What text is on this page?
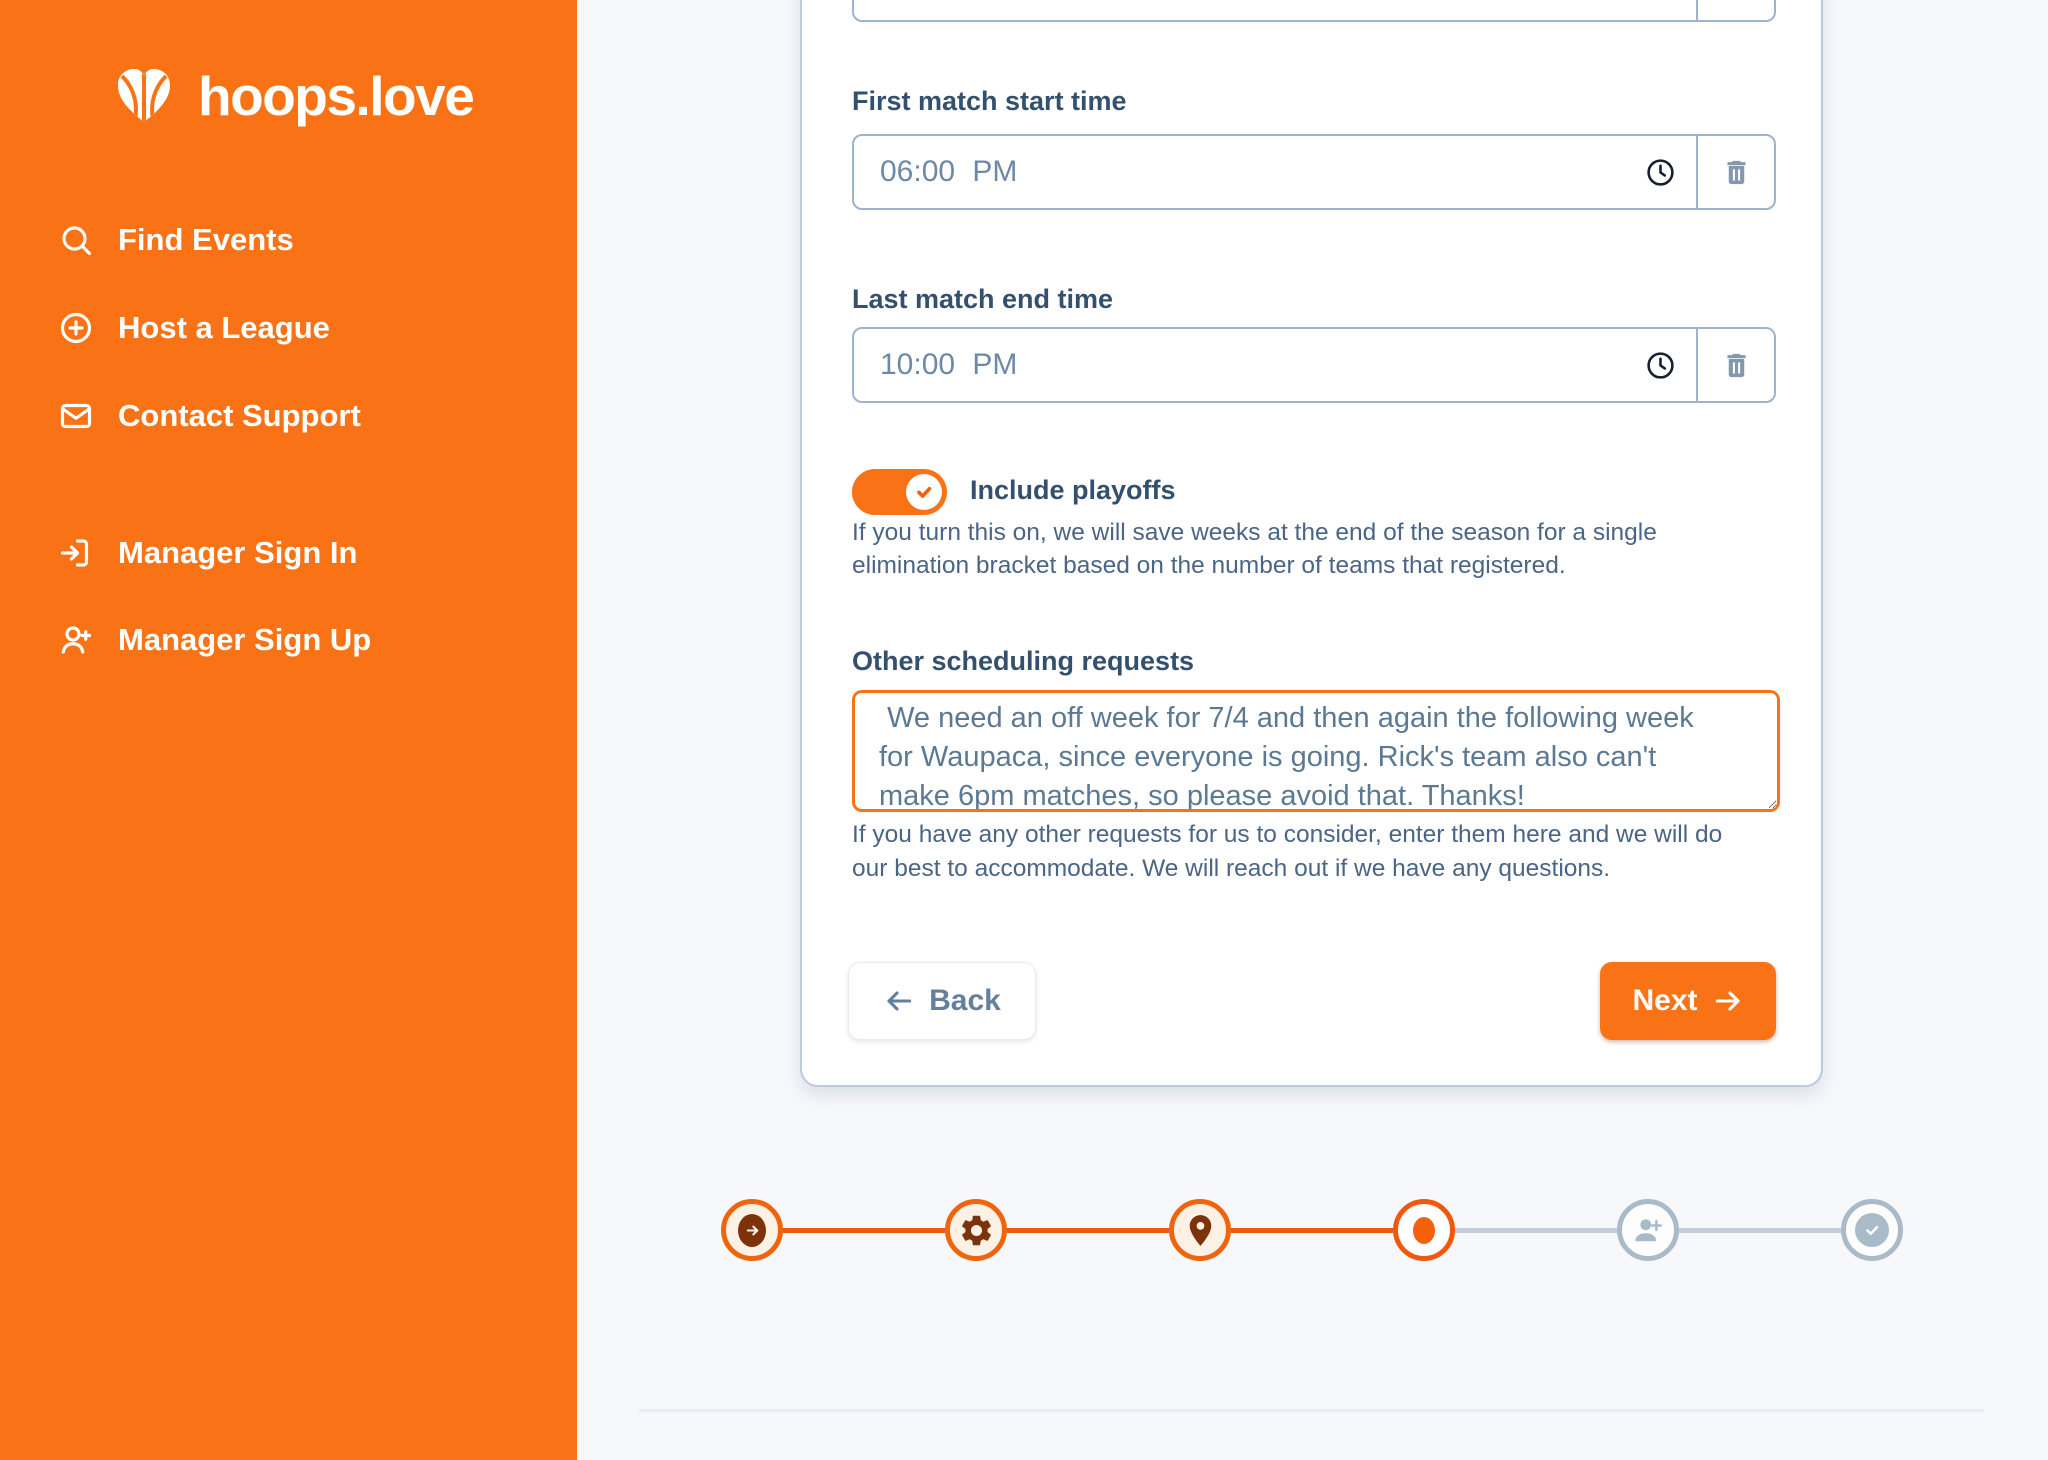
hoops.love
Find Events
Host a League
Contact Support
Manager Sign In
Manager Sign Up
First match start time
06:00 PM
Last match end time
10:00 PM
Include playoffs
If you turn this on, we will save weeks at the end of the season for a single
elimination bracket based on the number of teams that registered.
Other scheduling requests
We need an off week for 7/4 and then again the following week for Waupaca, since everyone is going. Rick's team also can't make 6pm matches, so please avoid that. Thanks!
If you have any other requests for us to consider, enter them here and we will do
our best to accommodate. We will reach out if we have any questions.
Back	Next
